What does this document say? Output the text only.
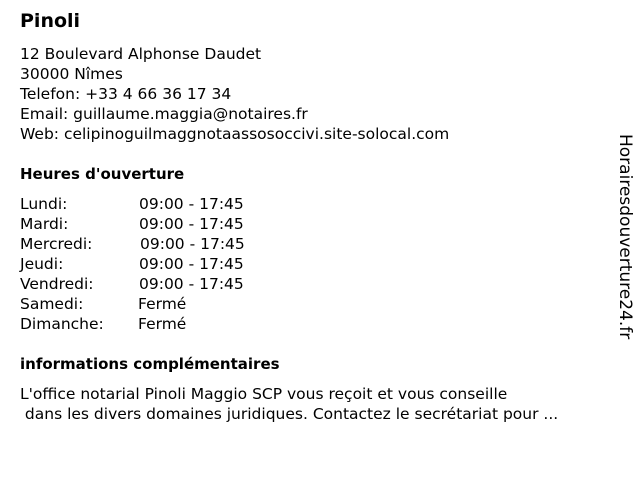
Pinoli
12 Boulevard Alphonse Daudet
30000 Nîmes
Telefon: +33 4 66 36 17 34
Email: guillaume.maggia@notaires.fr
Web: celipinoguilmaggnotaassosoccivi.site-solocal.com
Heures d'ouverture
Lundi:	09:00 - 17:45
Mardi:	09:00 - 17:45
Mercredi:	09:00 - 17:45
Jeudi:	09:00 - 17:45
Vendredi:	09:00 - 17:45
Samedi:	Fermé
Dimanche: Fermé
informations complémentaires
L'office notarial Pinoli Maggio SCP vous reçoit et vous conseille
dans les divers domaines juridiques. Contactez le secrétariat pour ...
Horairesdouverture24.fr
